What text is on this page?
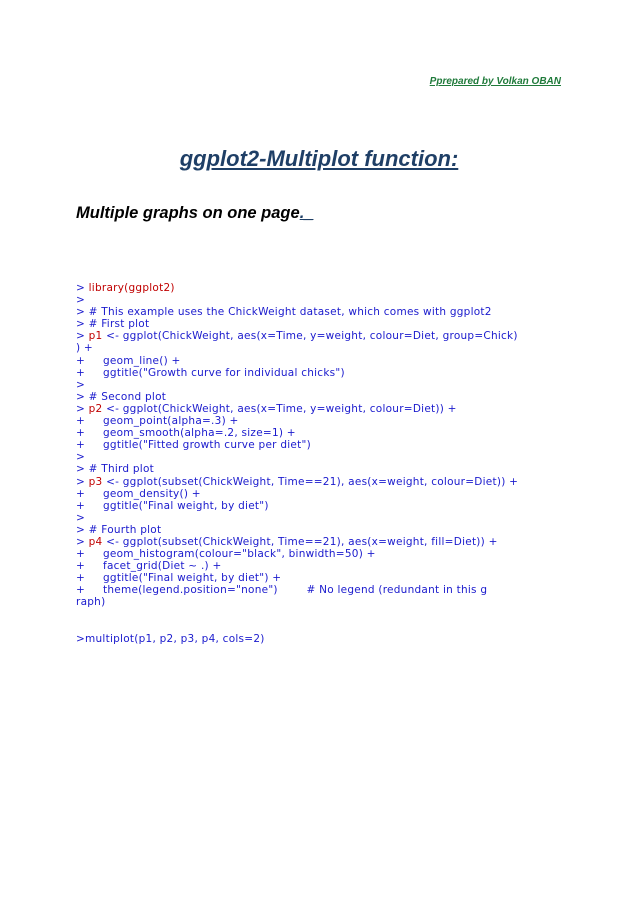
Pprepared by Volkan OBAN
ggplot2-Multiplot function:
Multiple graphs on one page._
> library(ggplot2)
>
> # This example uses the ChickWeight dataset, which comes with ggplot2
> # First plot
> p1 <- ggplot(ChickWeight, aes(x=Time, y=weight, colour=Diet, group=Chick)
) +
+     geom_line() +
+     ggtitle("Growth curve for individual chicks")
>
> # Second plot
> p2 <- ggplot(ChickWeight, aes(x=Time, y=weight, colour=Diet)) +
+     geom_point(alpha=.3) +
+     geom_smooth(alpha=.2, size=1) +
+     ggtitle("Fitted growth curve per diet")
>
> # Third plot
> p3 <- ggplot(subset(ChickWeight, Time==21), aes(x=weight, colour=Diet)) +
+     geom_density() +
+     ggtitle("Final weight, by diet")
>
> # Fourth plot
> p4 <- ggplot(subset(ChickWeight, Time==21), aes(x=weight, fill=Diet)) +
+     geom_histogram(colour="black", binwidth=50) +
+     facet_grid(Diet ~ .) +
+     ggtitle("Final weight, by diet") +
+     theme(legend.position="none")        # No legend (redundant in this g
raph)
>multiplot(p1, p2, p3, p4, cols=2)
